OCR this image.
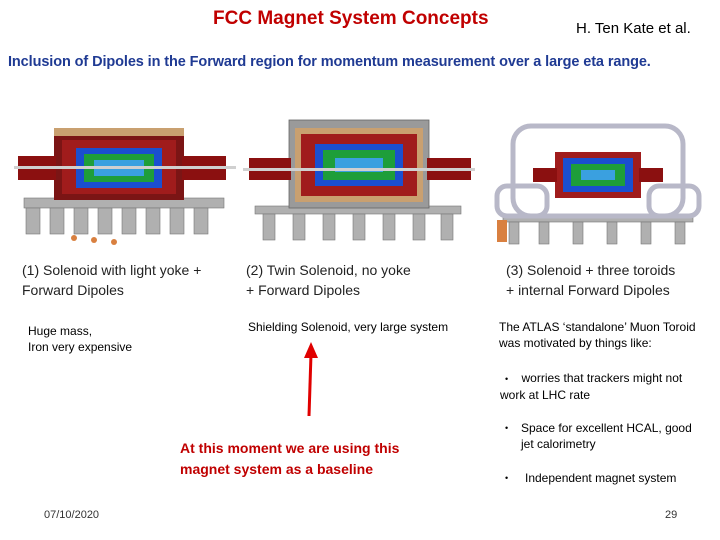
FCC Magnet System Concepts	H. Ten Kate et al.
Inclusion of Dipoles in the Forward region for momentum measurement over a large eta range.
(1) Solenoid with light yoke +
Forward Dipoles
(2) Twin Solenoid, no yoke
+ Forward Dipoles
(3) Solenoid + three toroids
+ internal Forward Dipoles
Huge mass,
Iron very expensive
Shielding Solenoid, very large system	The ATLAS ‘standalone’ Muon Toroid
was motivated by things like:
• worries that trackers might not
work at LHC rate
• Space for excellent HCAL, good
jet calorimetry
• Independent magnet system
At this moment we are using this
magnet system as a baseline
07/10/2020	29
